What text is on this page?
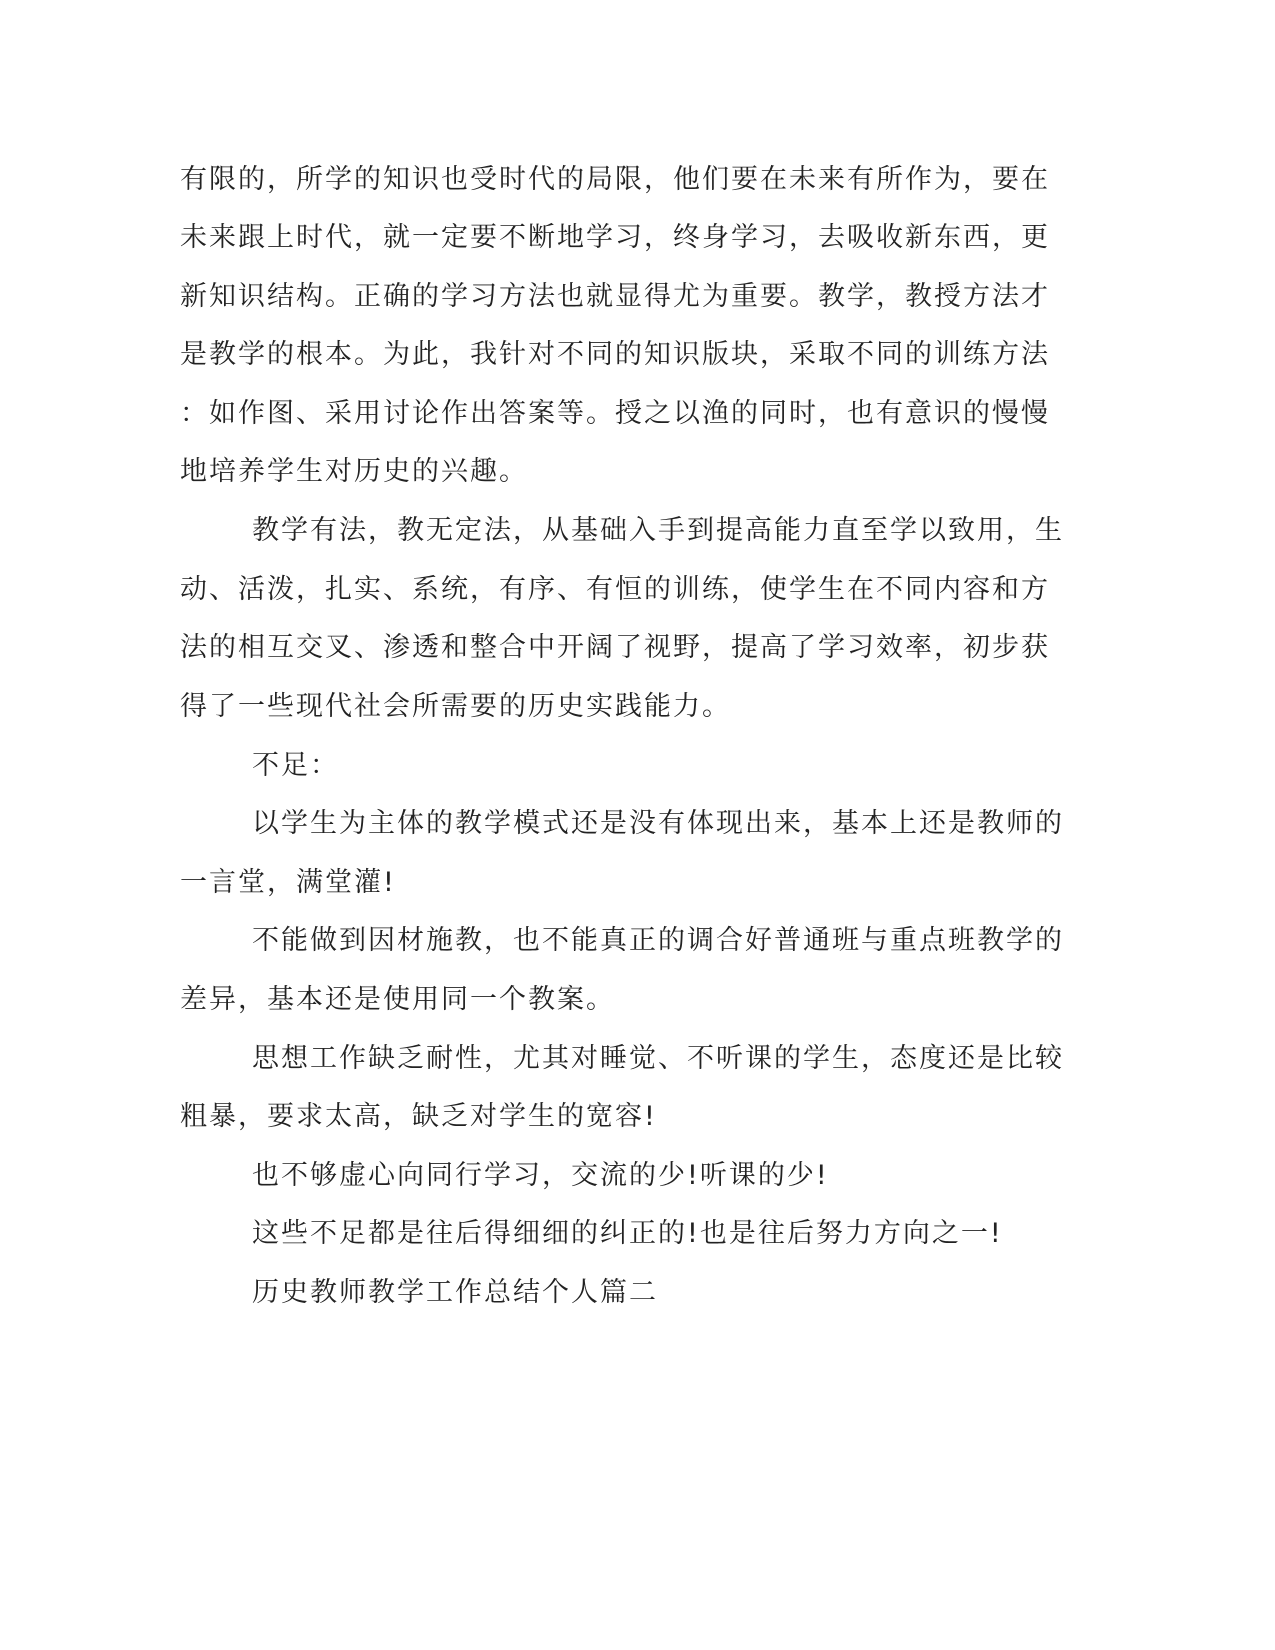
有限的，所学的知识也受时代的局限，他们要在未来有所作为，要在
未来跟上时代，就一定要不断地学习，终身学习，去吸收新东西，更
新知识结构。正确的学习方法也就显得尤为重要。教学，教授方法才
是教学的根本。为此，我针对不同的知识版块，采取不同的训练方法
：如作图、采用讨论作出答案等。授之以渔的同时，也有意识的慢慢
地培养学生对历史的兴趣。
教学有法，教无定法，从基础入手到提高能力直至学以致用，生
动、活泼，扎实、系统，有序、有恒的训练，使学生在不同内容和方
法的相互交叉、渗透和整合中开阔了视野，提高了学习效率，初步获
得了一些现代社会所需要的历史实践能力。
不足：
以学生为主体的教学模式还是没有体现出来，基本上还是教师的
一言堂，满堂灌!
不能做到因材施教，也不能真正的调合好普通班与重点班教学的
差异，基本还是使用同一个教案。
思想工作缺乏耐性，尤其对睡觉、不听课的学生，态度还是比较
粗暴，要求太高，缺乏对学生的宽容!
也不够虚心向同行学习，交流的少!听课的少!
这些不足都是往后得细细的纠正的!也是往后努力方向之一!
历史教师教学工作总结个人篇二
